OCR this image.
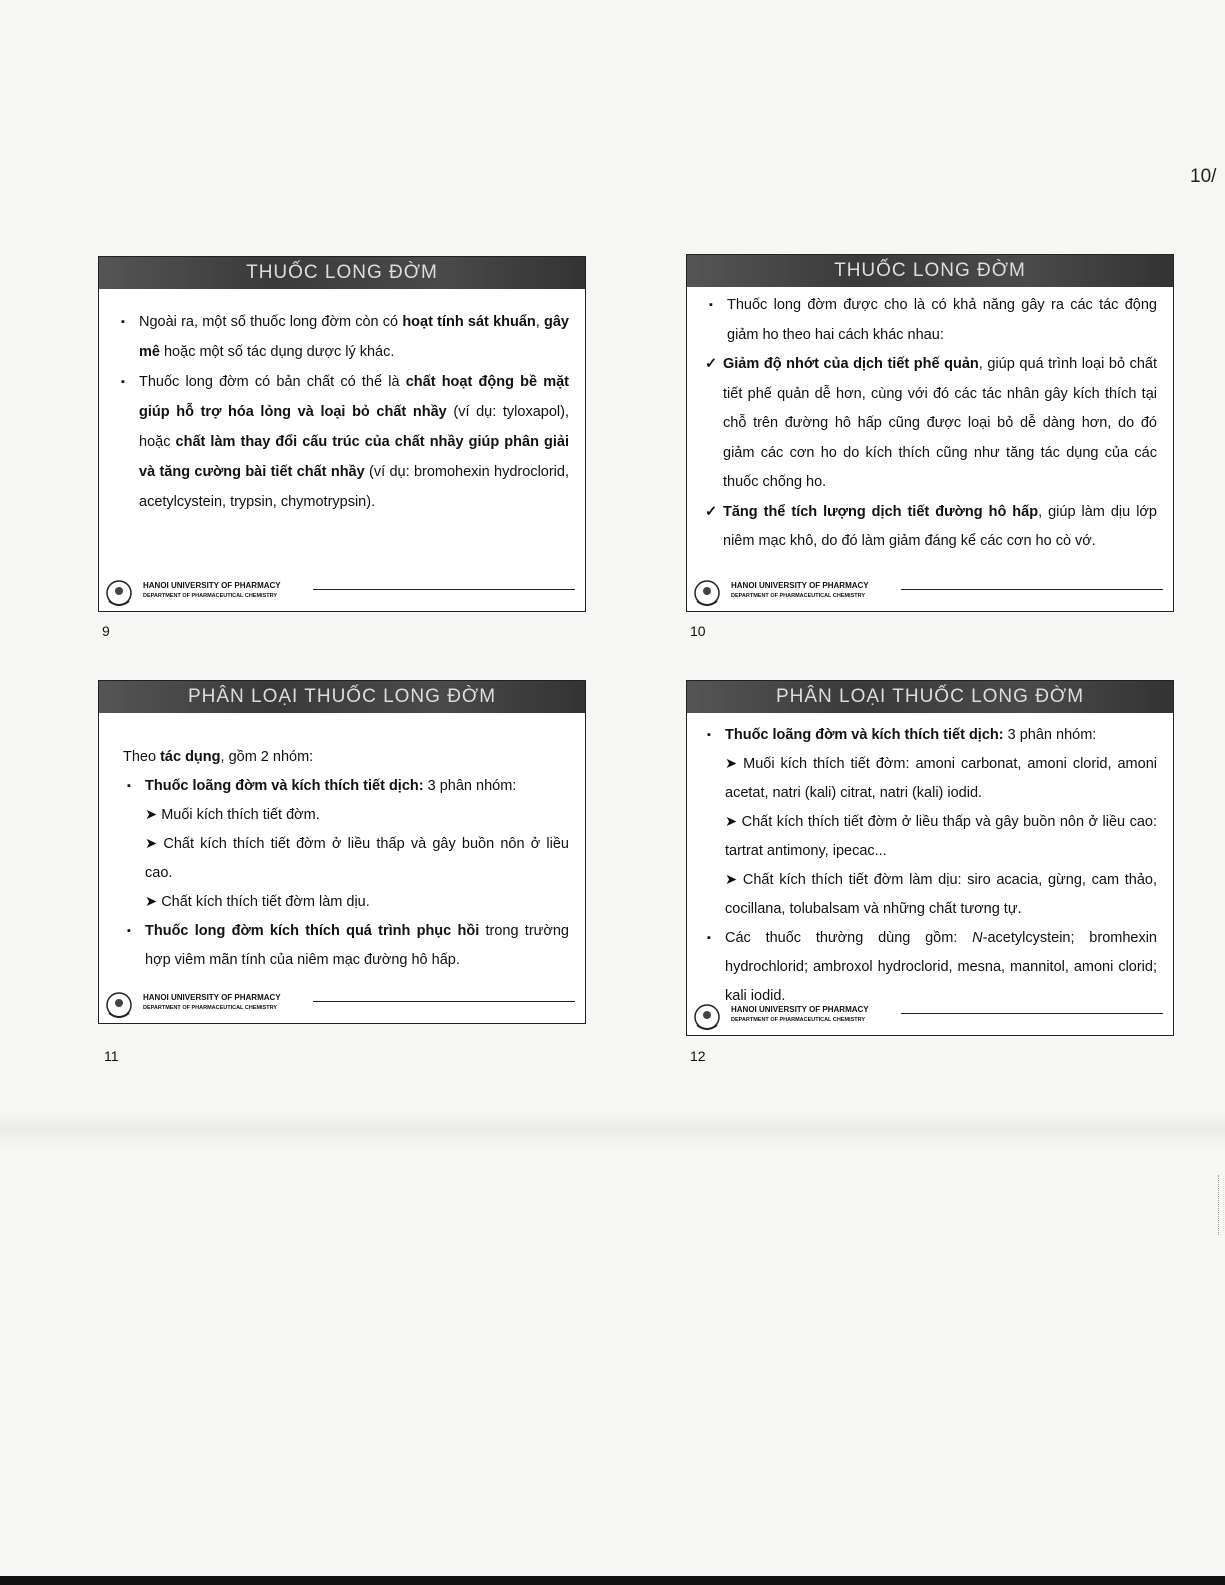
10/
THUỐC LONG ĐỜM

▪ Ngoài ra, một số thuốc long đờm còn có hoạt tính sát khuẩn, gây mê hoặc một số tác dụng dược lý khác.

▪ Thuốc long đờm có bản chất có thể là chất hoạt động bề mặt giúp hỗ trợ hóa lỏng và loại bỏ chất nhầy (ví dụ: tyloxapol), hoặc chất làm thay đổi cấu trúc của chất nhầy giúp phân giải và tăng cường bài tiết chất nhầy (ví dụ: bromohexin hydroclorid, acetylcystein, trypsin, chymotrypsin).

HANOI UNIVERSITY OF PHARMACY
DEPARTMENT OF PHARMACEUTICAL CHEMISTRY
9
THUỐC LONG ĐỜM

▪ Thuốc long đờm được cho là có khả năng gây ra các tác động giảm ho theo hai cách khác nhau:

✓ Giảm độ nhớt của dịch tiết phế quản, giúp quá trình loại bỏ chất tiết phế quản dễ hơn, cùng với đó các tác nhân gây kích thích tại chỗ trên đường hô hấp cũng được loại bỏ dễ dàng hơn, do đó giảm các cơn ho do kích thích cũng như tăng tác dụng của các thuốc chống ho.

✓ Tăng thể tích lượng dịch tiết đường hô hấp, giúp làm dịu lớp niêm mạc khô, do đó làm giảm đáng kể các cơn ho cò vớ.

HANOI UNIVERSITY OF PHARMACY
DEPARTMENT OF PHARMACEUTICAL CHEMISTRY
10
PHÂN LOẠI THUỐC LONG ĐỜM

Theo tác dụng, gồm 2 nhóm:

▪ Thuốc loãng đờm và kích thích tiết dịch: 3 phân nhóm:

➤ Muối kích thích tiết đờm.

➤ Chất kích thích tiết đờm ở liều thấp và gây buồn nôn ở liều cao.

➤ Chất kích thích tiết đờm làm dịu.

▪ Thuốc long đờm kích thích quá trình phục hồi trong trường hợp viêm mãn tính của niêm mạc đường hô hấp.

HANOI UNIVERSITY OF PHARMACY
DEPARTMENT OF PHARMACEUTICAL CHEMISTRY
11
PHÂN LOẠI THUỐC LONG ĐỜM

▪ Thuốc loãng đờm và kích thích tiết dịch: 3 phân nhóm:

➤ Muối kích thích tiết đờm: amoni carbonat, amoni clorid, amoni acetat, natri (kali) citrat, natri (kali) iodid.

➤ Chất kích thích tiết đờm ở liều thấp và gây buồn nôn ở liều cao: tartrat antimony, ipecac...

➤ Chất kích thích tiết đờm làm dịu: siro acacia, gừng, cam thảo, cocillana, tolubalsam và những chất tương tự.

▪ Các thuốc thường dùng gồm: N-acetylcystein; bromhexin hydrochlorid; ambroxol hydroclorid, mesna, mannitol, amoni clorid; kali iodid.

HANOI UNIVERSITY OF PHARMACY
DEPARTMENT OF PHARMACEUTICAL CHEMISTRY
12
